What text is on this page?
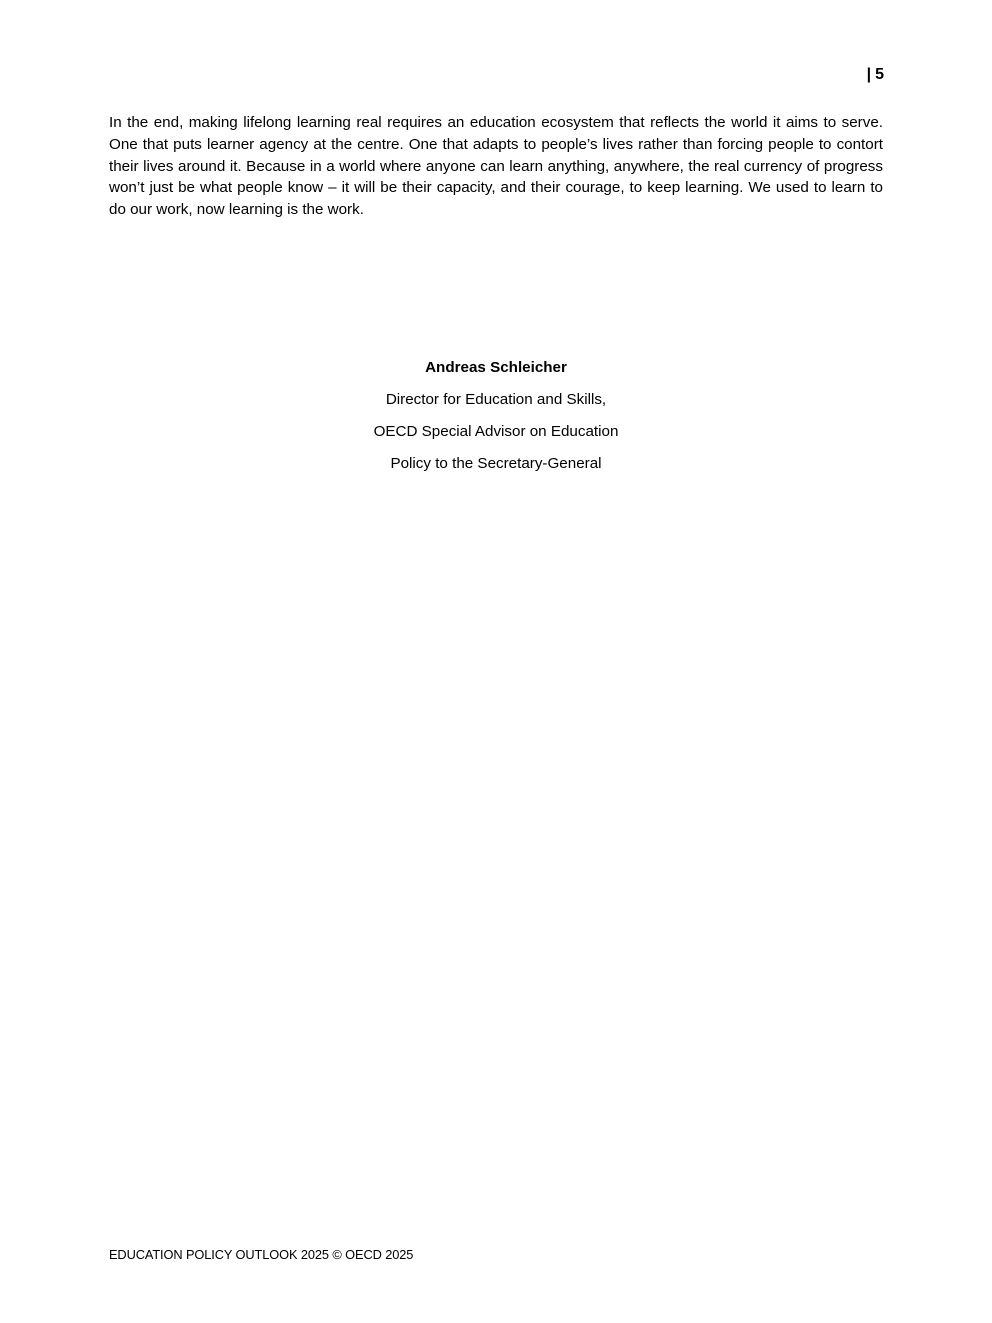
| 5

In the end, making lifelong learning real requires an education ecosystem that reflects the world it aims to serve. One that puts learner agency at the centre. One that adapts to people’s lives rather than forcing people to contort their lives around it. Because in a world where anyone can learn anything, anywhere, the real currency of progress won’t just be what people know – it will be their capacity, and their courage, to keep learning. We used to learn to do our work, now learning is the work.

Andreas Schleicher
Director for Education and Skills,
OECD Special Advisor on Education
Policy to the Secretary-General
EDUCATION POLICY OUTLOOK 2025 © OECD 2025
